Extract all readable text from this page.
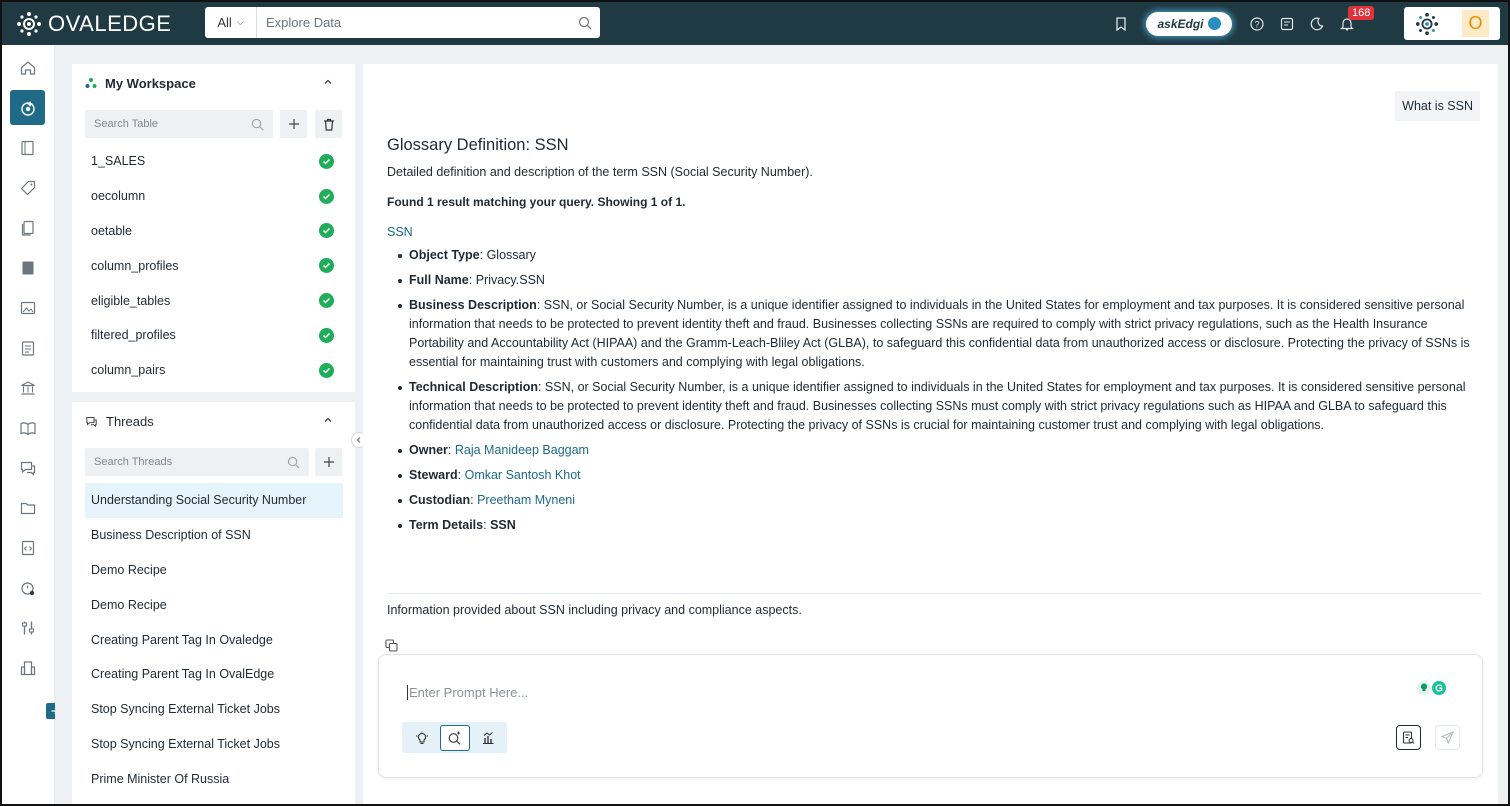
OVALEDGE	All ⌵
Explore Data	askEdgi	?
168
O
My Workspace
Search Table
1_SALES
oecolumn
oetable
column_profiles
eligible_tables
filtered_profiles
column_pairs
Threads
Search Threads
Understanding Social Security Number
Business Description of SSN
Demo Recipe
Demo Recipe
Creating Parent Tag In Ovaledge
Creating Parent Tag In OvalEdge
Stop Syncing External Ticket Jobs
Stop Syncing External Ticket Jobs
Prime Minister Of Russia
What is SSN
Glossary Definition: SSN
Detailed definition and description of the term SSN (Social Security Number).
Found 1 result matching your query. Showing 1 of 1.
SSN
Object Type: Glossary
Full Name: Privacy.SSN
Business Description: SSN, or Social Security Number, is a unique identifier assigned to individuals in the United States for employment and tax purposes. It is considered sensitive personal information that needs to be protected to prevent identity theft and fraud. Businesses collecting SSNs are required to comply with strict privacy regulations, such as the Health Insurance Portability and Accountability Act (HIPAA) and the Gramm-Leach-Bliley Act (GLBA), to safeguard this confidential data from unauthorized access or disclosure. Protecting the privacy of SSNs is essential for maintaining trust with customers and complying with legal obligations.
Technical Description: SSN, or Social Security Number, is a unique identifier assigned to individuals in the United States for employment and tax purposes. It is considered sensitive personal information that needs to be protected to prevent identity theft and fraud. Businesses collecting SSNs must comply with strict privacy regulations such as HIPAA and GLBA to safeguard this confidential data from unauthorized access or disclosure. Protecting the privacy of SSNs is crucial for maintaining customer trust and complying with legal obligations.
Owner: Raja Manideep Baggam
Steward: Omkar Santosh Khot
Custodian: Preetham Myneni
Term Details: SSN
Information provided about SSN including privacy and compliance aspects.
Enter Prompt Here...
G
